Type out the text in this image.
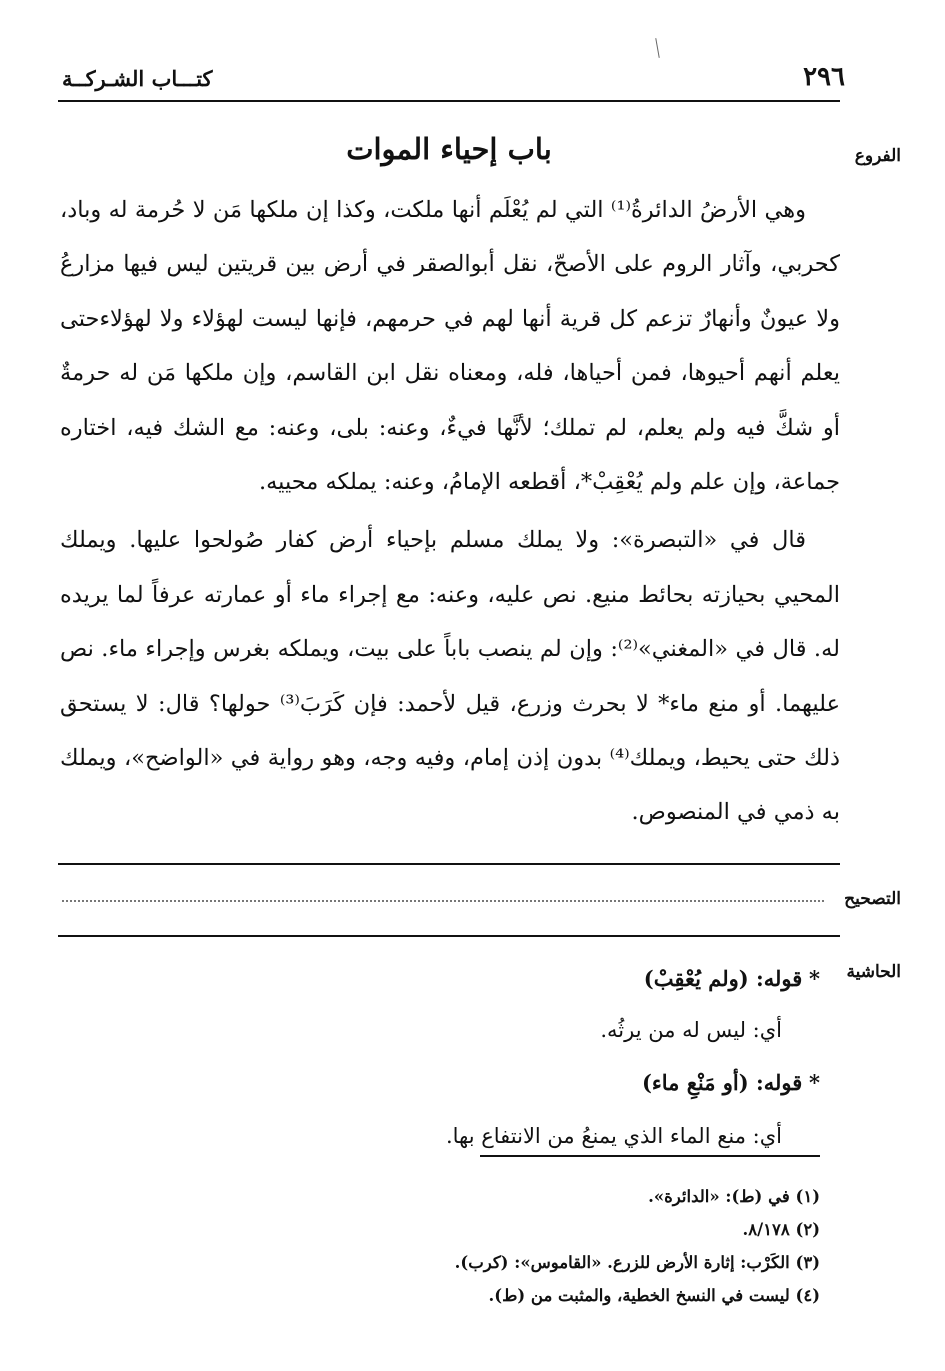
٢٩٦
كتـــاب الشـركــة
الفروع
باب إحياء الموات

وهي الأرضُ الدائرةُ⁽¹⁾ التي لم يُعْلَم أنها ملكت، وكذا إن ملكها مَن لا حُرمة له وباد، كحربي، وآثار الروم على الأصحّ، نقل أبوالصقر في أرض بين قريتين ليس فيها مزارعُ ولا عيونٌ وأنهارٌ تزعم كل قرية أنها لهم في حرمهم، فإنها ليست لهؤلاء ولا لهؤلاءحتى يعلم أنهم أحيوها، فمن أحياها، فله، ومعناه نقل ابن القاسم، وإن ملكها مَن له حرمةٌ أو شكَّ فيه ولم يعلم، لم تملك؛ لأنَّها فيءٌ، وعنه: بلى، وعنه: مع الشك فيه، اختاره جماعة، وإن علم ولم يُعْقِبْ*، أقطعه الإمامُ، وعنه: يملكه محييه.

قال في «التبصرة»: ولا يملك مسلم بإحياء أرض كفار صُولحوا عليها. ويملك المحيي بحيازته بحائط منيع. نص عليه، وعنه: مع إجراء ماء أو عمارته عرفاً لما يريده له. قال في «المغني»⁽²⁾: وإن لم ينصب باباً على بيت، ويملكه بغرس وإجراء ماء. نص عليهما. أو منع ماء* لا بحرث وزرع، قيل لأحمد: فإن كَرَبَ⁽³⁾ حولها؟ قال: لا يستحق ذلك حتى يحيط، ويملك⁽⁴⁾ بدون إذن إمام، وفيه وجه، وهو رواية في «الواضح»، ويملك به ذمي في المنصوص.

التصحيح
الحاشية
* قوله: (ولم يُعْقِبْ)
أي: ليس له من يرثُه.
* قوله: (أو مَنْعِ ماء)
أي: منع الماء الذي يمنعُ من الانتفاع بها.
(١) في (ط): «الدائرة».
(٢) ٨/١٧٨.
(٣) الكَرْب: إثارة الأرض للزرع. «القاموس»: (كرب).
(٤) ليست في النسخ الخطية، والمثبت من (ط).
